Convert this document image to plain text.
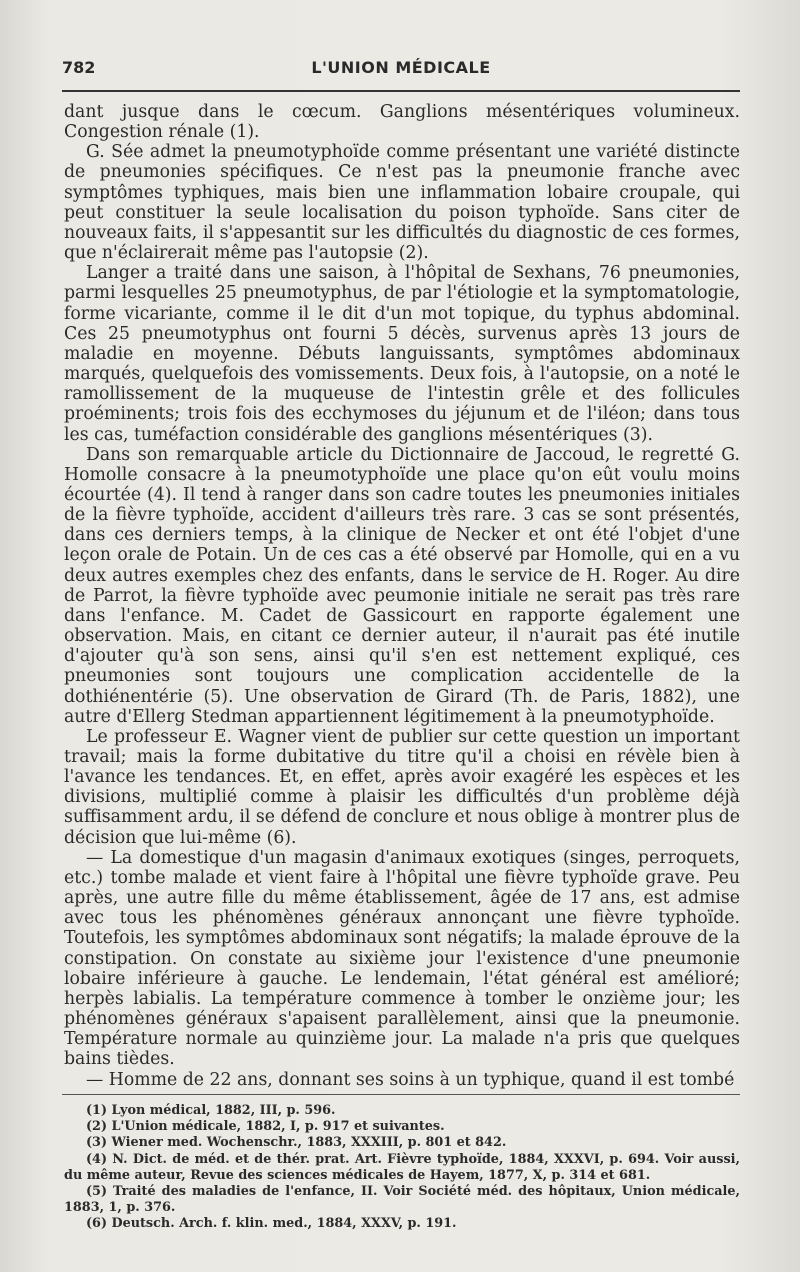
782	L'UNION MÉDICALE

dant jusque dans le cœcum. Ganglions mésentériques volumineux. Congestion rénale (1).

G. Sée admet la pneumotyphoïde comme présentant une variété distincte de pneumonies spécifiques. Ce n'est pas la pneumonie franche avec symptômes typhiques, mais bien une inflammation lobaire croupale, qui peut constituer la seule localisation du poison typhoïde. Sans citer de nouveaux faits, il s'appesantit sur les difficultés du diagnostic de ces formes, que n'éclairerait même pas l'autopsie (2).

Langer a traité dans une saison, à l'hôpital de Sexhans, 76 pneumonies, parmi lesquelles 25 pneumotyphus, de par l'étiologie et la symptomatologie, forme vicariante, comme il le dit d'un mot topique, du typhus abdominal. Ces 25 pneumotyphus ont fourni 5 décès, survenus après 13 jours de maladie en moyenne. Débuts languissants, symptômes abdominaux marqués, quelquefois des vomissements. Deux fois, à l'autopsie, on a noté le ramollissement de la muqueuse de l'intestin grêle et des follicules proéminents; trois fois des ecchymoses du jéjunum et de l'iléon; dans tous les cas, tuméfaction considérable des ganglions mésentériques (3).

Dans son remarquable article du Dictionnaire de Jaccoud, le regretté G. Homolle consacre à la pneumotyphoïde une place qu'on eût voulu moins écourtée (4). Il tend à ranger dans son cadre toutes les pneumonies initiales de la fièvre typhoïde, accident d'ailleurs très rare. 3 cas se sont présentés, dans ces derniers temps, à la clinique de Necker et ont été l'objet d'une leçon orale de Potain. Un de ces cas a été observé par Homolle, qui en a vu deux autres exemples chez des enfants, dans le service de H. Roger. Au dire de Parrot, la fièvre typhoïde avec peumonie initiale ne serait pas très rare dans l'enfance. M. Cadet de Gassicourt en rapporte également une observation. Mais, en citant ce dernier auteur, il n'aurait pas été inutile d'ajouter qu'à son sens, ainsi qu'il s'en est nettement expliqué, ces pneumonies sont toujours une complication accidentelle de la dothiénentérie (5). Une observation de Girard (Th. de Paris, 1882), une autre d'Ellerg Stedman appartiennent légitimement à la pneumotyphoïde.

Le professeur E. Wagner vient de publier sur cette question un important travail; mais la forme dubitative du titre qu'il a choisi en révèle bien à l'avance les tendances. Et, en effet, après avoir exagéré les espèces et les divisions, multiplié comme à plaisir les difficultés d'un problème déjà suffisamment ardu, il se défend de conclure et nous oblige à montrer plus de décision que lui-même (6).

— La domestique d'un magasin d'animaux exotiques (singes, perroquets, etc.) tombe malade et vient faire à l'hôpital une fièvre typhoïde grave. Peu après, une autre fille du même établissement, âgée de 17 ans, est admise avec tous les phénomènes généraux annonçant une fièvre typhoïde. Toutefois, les symptômes abdominaux sont négatifs; la malade éprouve de la constipation. On constate au sixième jour l'existence d'une pneumonie lobaire inférieure à gauche. Le lendemain, l'état général est amélioré; herpès labialis. La température commence à tomber le onzième jour; les phénomènes généraux s'apaisent parallèlement, ainsi que la pneumonie. Température normale au quinzième jour. La malade n'a pris que quelques bains tièdes.

— Homme de 22 ans, donnant ses soins à un typhique, quand il est tombé

(1) Lyon médical, 1882, III, p. 596.

(2) L'Union médicale, 1882, I, p. 917 et suivantes.

(3) Wiener med. Wochenschr., 1883, XXXIII, p. 801 et 842.

(4) N. Dict. de méd. et de thér. prat. Art. Fièvre typhoïde, 1884, XXXVI, p. 694. Voir aussi, du même auteur, Revue des sciences médicales de Hayem, 1877, X, p. 314 et 681.

(5) Traité des maladies de l'enfance, II. Voir Société méd. des hôpitaux, Union médicale, 1883, 1, p. 376.

(6) Deutsch. Arch. f. klin. med., 1884, XXXV, p. 191.
